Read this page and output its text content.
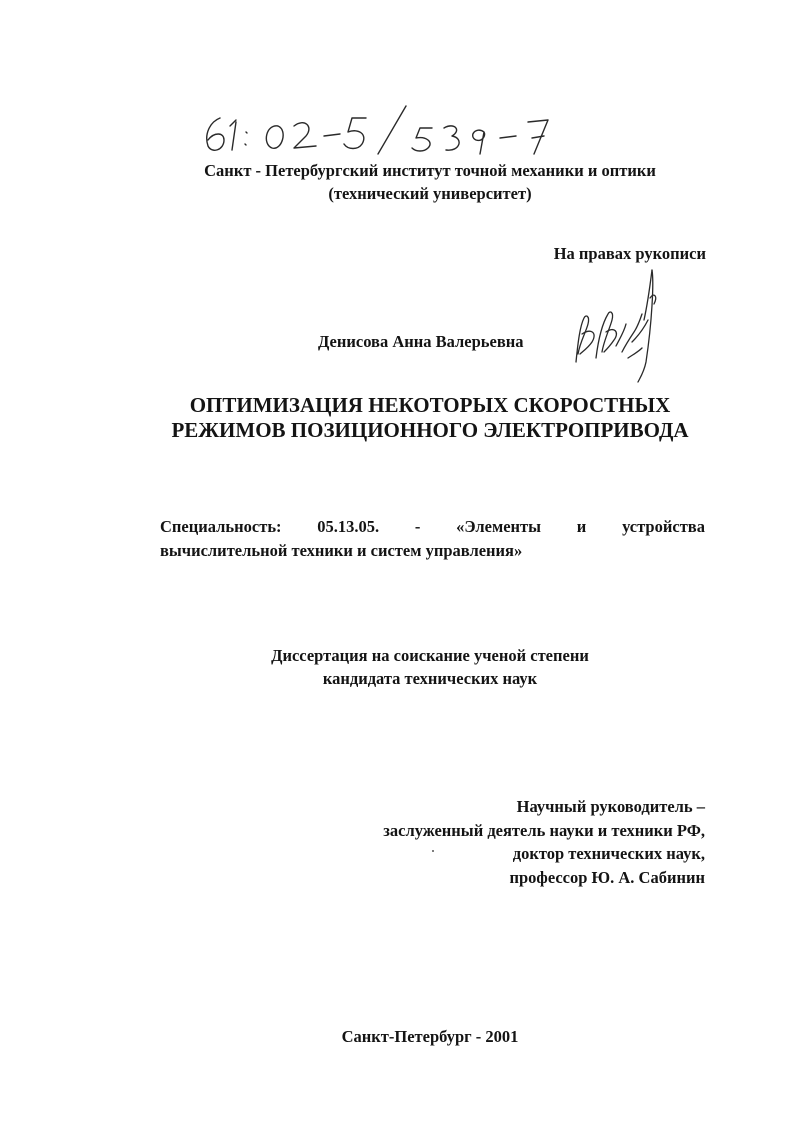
Санкт - Петербургский институт точной механики и оптики
(технический университет)
На правах рукописи
Денисова Анна Валерьевна
ОПТИМИЗАЦИЯ НЕКОТОРЫХ СКОРОСТНЫХ
РЕЖИМОВ ПОЗИЦИОННОГО ЭЛЕКТРОПРИВОДА
Специальность: 05.13.05. - «Элементы и устройства
вычислительной техники и систем управления»
Диссертация на соискание ученой степени
кандидата технических наук
Научный руководитель –
заслуженный деятель науки и техники РФ,
доктор технических наук,
профессор Ю. А. Сабинин
Санкт-Петербург - 2001
